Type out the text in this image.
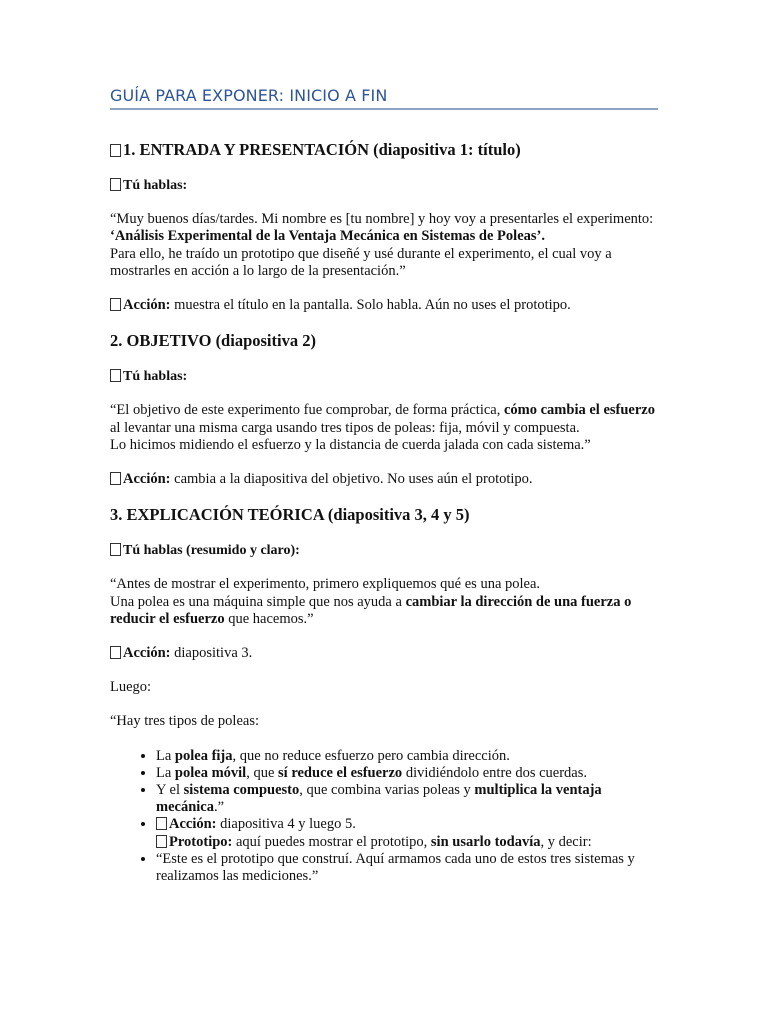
GUÍA PARA EXPONER: INICIO A FIN

1. ENTRADA Y PRESENTACIÓN (diapositiva 1: título)

Tú hablas:

“Muy buenos días/tardes. Mi nombre es [tu nombre] y hoy voy a presentarles el experimento:
‘Análisis Experimental de la Ventaja Mecánica en Sistemas de Poleas’.
Para ello, he traído un prototipo que diseñé y usé durante el experimento, el cual voy a mostrarles en acción a lo largo de la presentación.”

Acción: muestra el título en la pantalla. Solo habla. Aún no uses el prototipo.

2. OBJETIVO (diapositiva 2)

Tú hablas:

“El objetivo de este experimento fue comprobar, de forma práctica, cómo cambia el esfuerzo al levantar una misma carga usando tres tipos de poleas: fija, móvil y compuesta.
Lo hicimos midiendo el esfuerzo y la distancia de cuerda jalada con cada sistema.”

Acción: cambia a la diapositiva del objetivo. No uses aún el prototipo.

3. EXPLICACIÓN TEÓRICA (diapositiva 3, 4 y 5)

Tú hablas (resumido y claro):

“Antes de mostrar el experimento, primero expliquemos qué es una polea.
Una polea es una máquina simple que nos ayuda a cambiar la dirección de una fuerza o reducir el esfuerzo que hacemos.”

Acción: diapositiva 3.

Luego:

“Hay tres tipos de poleas:

• La polea fija, que no reduce esfuerzo pero cambia dirección.
• La polea móvil, que sí reduce el esfuerzo dividiéndolo entre dos cuerdas.
• Y el sistema compuesto, que combina varias poleas y multiplica la ventaja mecánica.”
• Acción: diapositiva 4 y luego 5.
Prototipo: aquí puedes mostrar el prototipo, sin usarlo todavía, y decir:
• “Este es el prototipo que construí. Aquí armamos cada uno de estos tres sistemas y realizamos las mediciones.”
